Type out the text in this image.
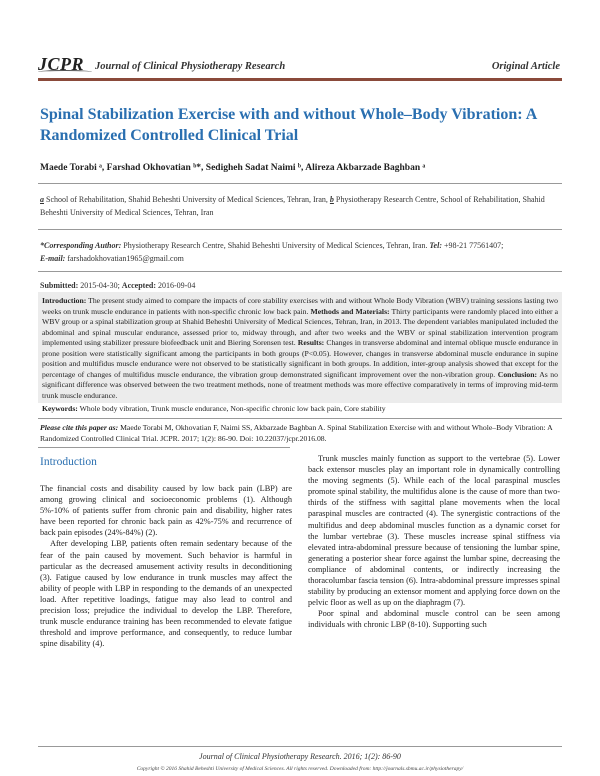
JCPR Journal of Clinical Physiotherapy Research	Original Article
Spinal Stabilization Exercise with and without Whole–Body Vibration: A Randomized Controlled Clinical Trial
Maede Torabi ᵃ, Farshad Okhovatian ᵇ*, Sedigheh Sadat Naimi ᵇ, Alireza Akbarzade Baghban ᵃ
a School of Rehabilitation, Shahid Beheshti University of Medical Sciences, Tehran, Iran, b Physiotherapy Research Centre, School of Rehabilitation, Shahid Beheshti University of Medical Sciences, Tehran, Iran
*Corresponding Author: Physiotherapy Research Centre, Shahid Beheshti University of Medical Sciences, Tehran, Iran. Tel: +98-21 77561407;
E-mail: farshadokhovatian1965@gmail.com
Submitted: 2015-04-30; Accepted: 2016-09-04
Introduction: The present study aimed to compare the impacts of core stability exercises with and without Whole Body Vibration (WBV) training sessions lasting two weeks on trunk muscle endurance in patients with non-specific chronic low back pain. Methods and Materials: Thirty participants were randomly placed into either a WBV group or a spinal stabilization group at Shahid Beheshti University of Medical Sciences, Tehran, Iran, in 2013. The dependent variables manipulated included the abdominal and spinal muscular endurance, assessed prior to, midway through, and after two weeks and the WBV or spinal stabilization intervention program implemented using stabilizer pressure biofeedback unit and Biering Sorensen test. Results: Changes in transverse abdominal and internal oblique muscle endurance in prone position were statistically significant among the participants in both groups (P<0.05). However, changes in transverse abdominal muscle endurance in supine position and multifidus muscle endurance were not observed to be statistically significant in both groups. In addition, inter-group analysis showed that except for the percentage of changes of multifidus muscle endurance, the vibration group demonstrated significant improvement over the non-vibration group. Conclusion: As no significant difference was observed between the two treatment methods, none of treatment methods was more effective comparatively in terms of improving mid-term trunk muscle endurance.
Keywords: Whole body vibration, Trunk muscle endurance, Non-specific chronic low back pain, Core stability
Please cite this paper as: Maede Torabi M, Okhovatian F, Naimi SS, Akbarzade Baghban A. Spinal Stabilization Exercise with and without Whole–Body Vibration: A Randomized Controlled Clinical Trial. JCPR. 2017; 1(2): 86-90. Doi: 10.22037/jcpr.2016.08.
Introduction

The financial costs and disability caused by low back pain (LBP) are among growing clinical and socioeconomic problems (1). Although 5%-10% of patients suffer from chronic pain and disability, higher rates have been reported for chronic back pain as 42%-75% and recurrence of back pain episodes (24%-84%) (2).

After developing LBP, patients often remain sedentary because of the fear of the pain caused by movement. Such behavior is harmful in particular as the decreased amusement activity results in deconditioning (3). Fatigue caused by low endurance in trunk muscles may affect the ability of people with LBP in responding to the demands of an unexpected load. After repetitive loadings, fatigue may also lead to control and precision loss; prejudice the individual to develop the LBP. Therefore, trunk muscle endurance training has been recommended to elevate fatigue threshold and improve performance, and consequently, to reduce lumbar spine disability (4).

Trunk muscles mainly function as support to the vertebrae (5). Lower back extensor muscles play an important role in dynamically controlling the moving segments (5). While each of the local paraspinal muscles promote spinal stability, the multifidus alone is the cause of more than two-thirds of the stiffness with sagittal plane movements when the local paraspinal muscles are contracted (4). The synergistic contractions of the multifidus and deep abdominal muscles function as a dynamic corset for the lumbar vertebrae (3). These muscles increase spinal stiffness via elevated intra-abdominal pressure because of tensioning the lumbar spine, generating a posterior shear force against the lumbar spine, decreasing the compliance of abdominal contents, or indirectly increasing the thoracolumbar fascia tension (6). Intra-abdominal pressure impresses spinal stability by producing an extensor moment and applying force down on the pelvic floor as well as up on the diaphragm (7).

Poor spinal and abdominal muscle control can be seen among individuals with chronic LBP (8-10). Supporting such

Journal of Clinical Physiotherapy Research. 2016; 1(2): 86-90
Copyright © 2016 Shahid Beheshti University of Medical Sciences. All rights reserved. Downloaded from: http://journals.sbmu.ac.ir/physiotherapy/
